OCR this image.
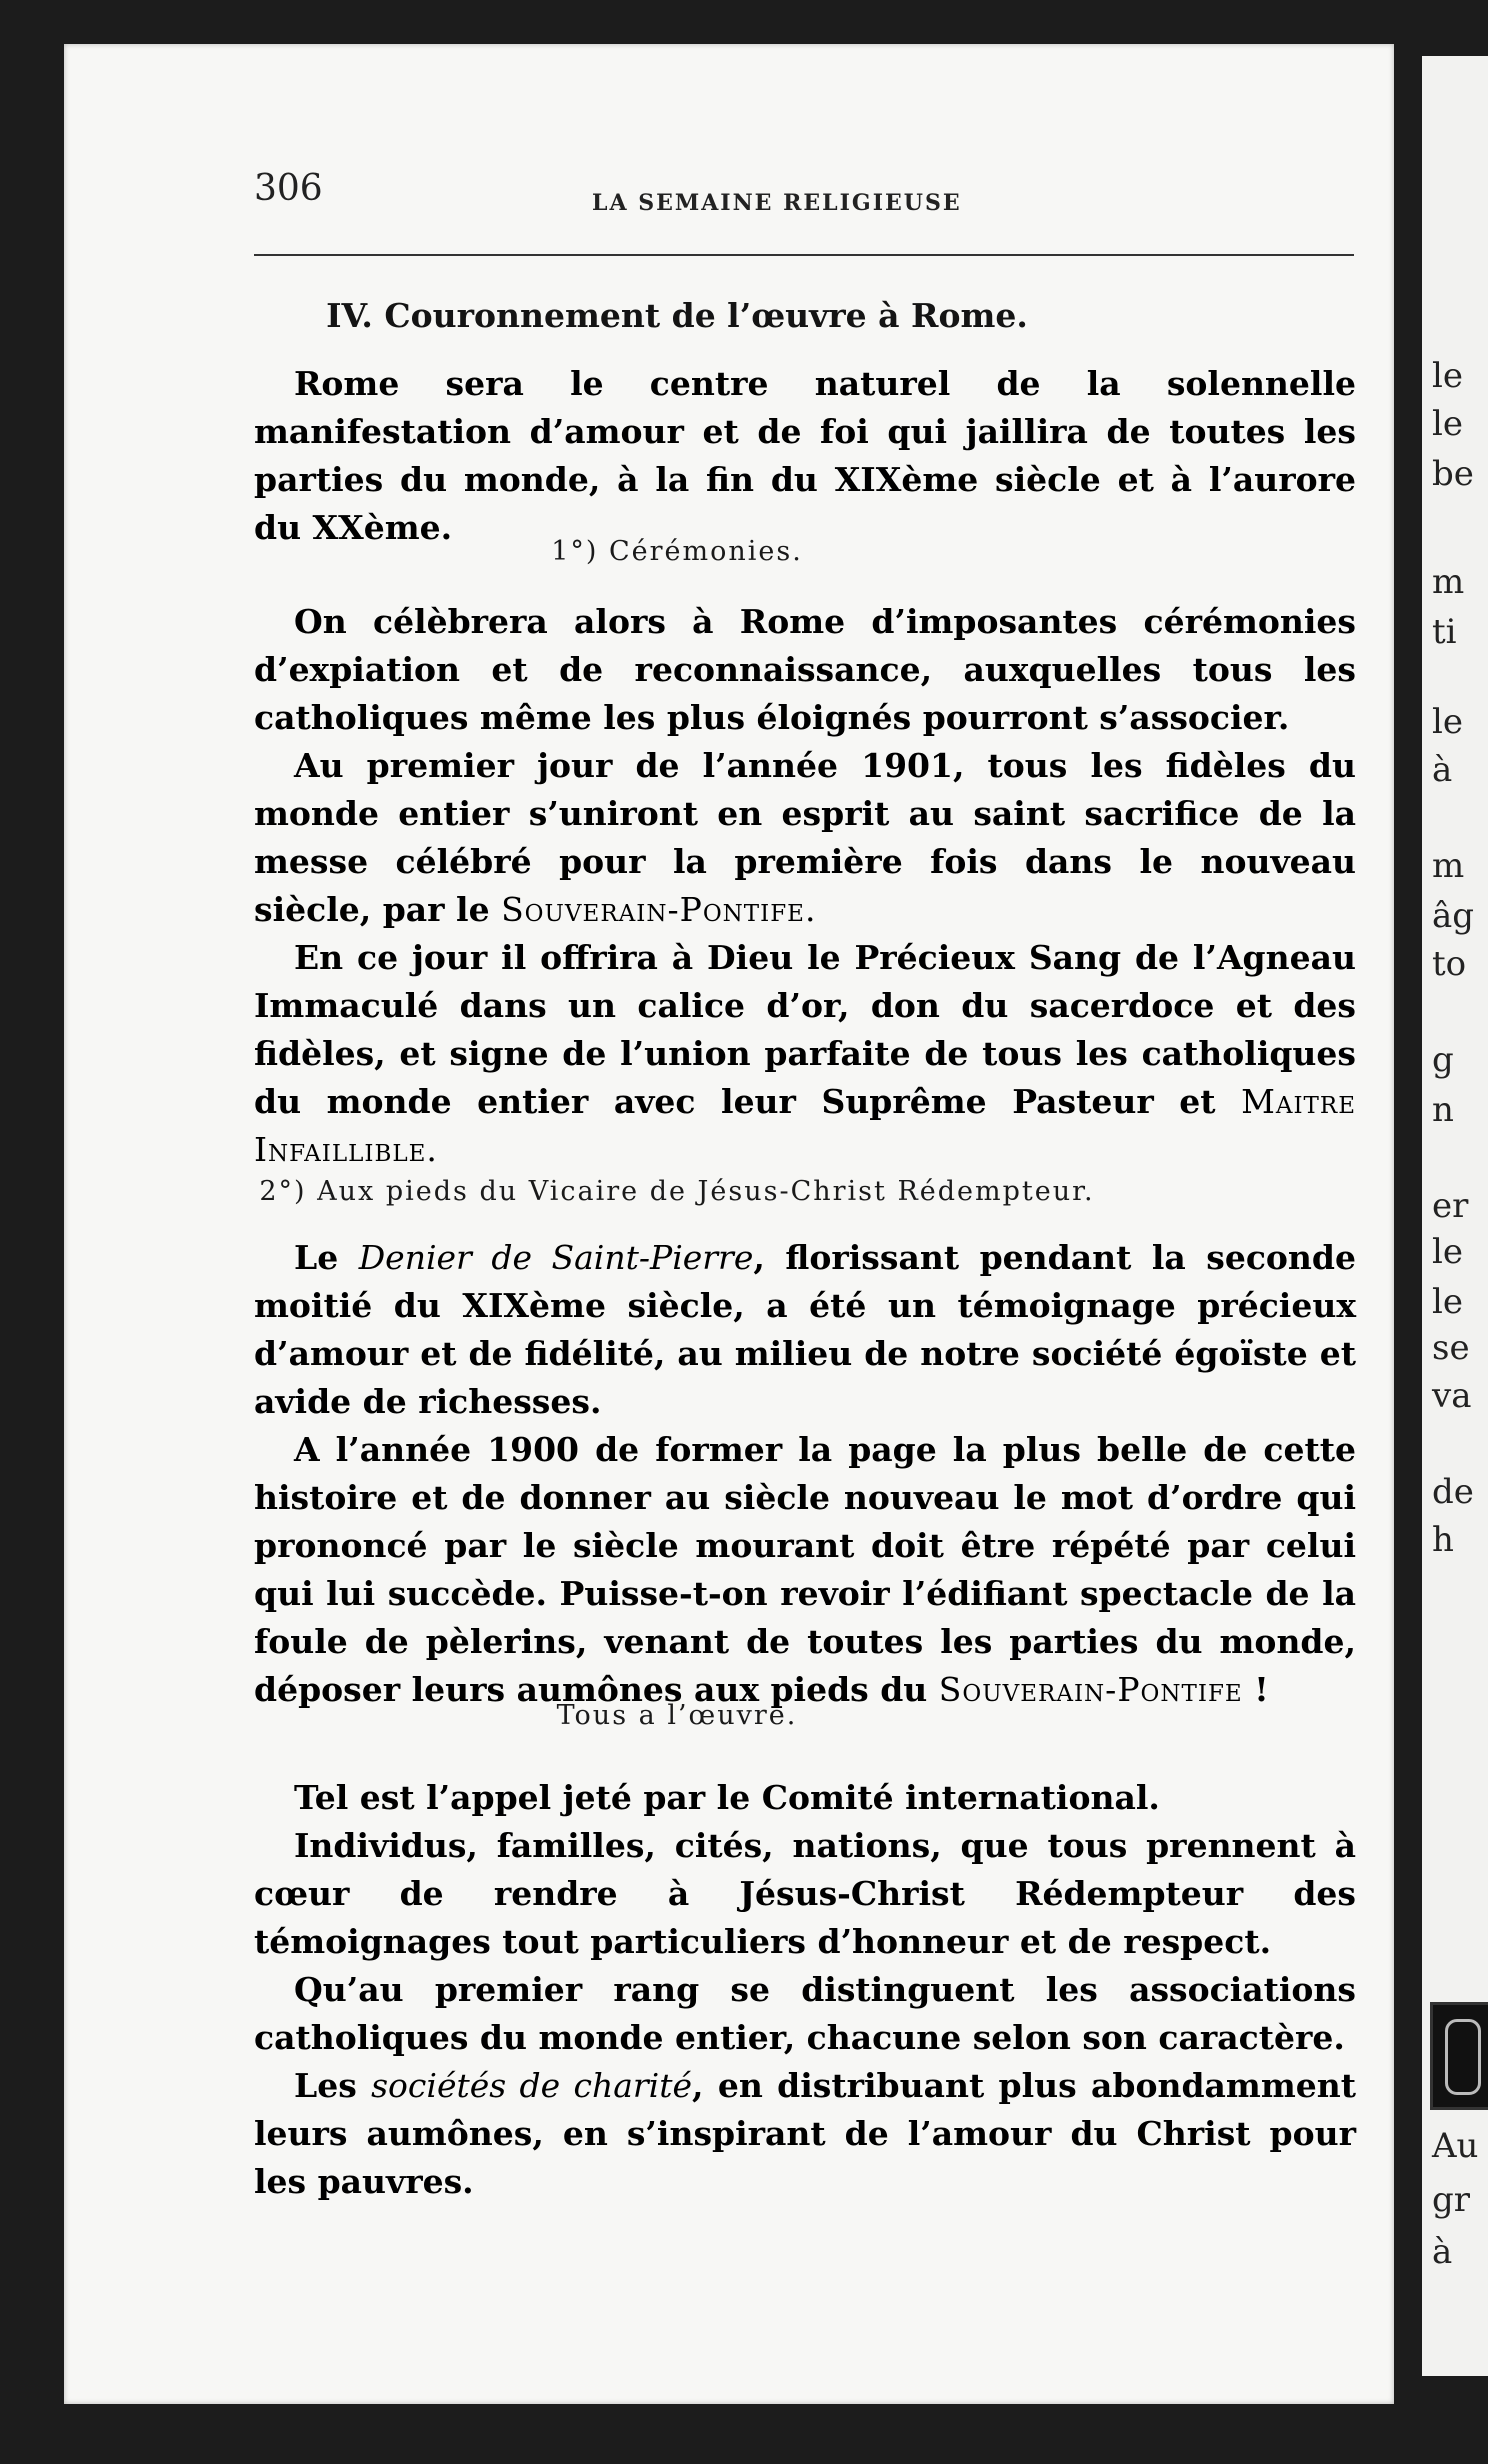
le
le
be
m
ti
le
à
m
âg
to
g
n
er
le
le
se
va
de
h
Au
gr
à
306	LA SEMAINE RELIGIEUSE
IV. Couronnement de l’œuvre à Rome.

Rome sera le centre naturel de la solennelle manifestation d’amour et de foi qui jaillira de toutes les parties du monde, à la fin du XIXème siècle et à l’aurore du XXème.

1°) Cérémonies.

On célèbrera alors à Rome d’imposantes cérémonies d’expiation et de reconnaissance, auxquelles tous les catholiques même les plus éloignés pourront s’associer.

Au premier jour de l’année 1901, tous les fidèles du monde entier s’uniront en esprit au saint sacrifice de la messe célébré pour la première fois dans le nouveau siècle, par le Souverain-Pontife.

En ce jour il offrira à Dieu le Précieux Sang de l’Agneau Immaculé dans un calice d’or, don du sacerdoce et des fidèles, et signe de l’union parfaite de tous les catholiques du monde entier avec leur Suprême Pasteur et Maitre Infaillible.

2°) Aux pieds du Vicaire de Jésus-Christ Rédempteur.

Le Denier de Saint-Pierre, florissant pendant la seconde moitié du XIXème siècle, a été un témoignage précieux d’amour et de fidélité, au milieu de notre société égoïste et avide de richesses.

A l’année 1900 de former la page la plus belle de cette histoire et de donner au siècle nouveau le mot d’ordre qui prononcé par le siècle mourant doit être répété par celui qui lui succède. Puisse-t-on revoir l’édifiant spectacle de la foule de pèlerins, venant de toutes les parties du monde, déposer leurs aumônes aux pieds du Souverain-Pontife !

Tous a l’œuvre.

Tel est l’appel jeté par le Comité international.

Individus, familles, cités, nations, que tous prennent à cœur de rendre à Jésus-Christ Rédempteur des témoignages tout particuliers d’honneur et de respect.

Qu’au premier rang se distinguent les associations catholiques du monde entier, chacune selon son caractère.

Les sociétés de charité, en distribuant plus abondamment leurs aumônes, en s’inspirant de l’amour du Christ pour les pauvres.
